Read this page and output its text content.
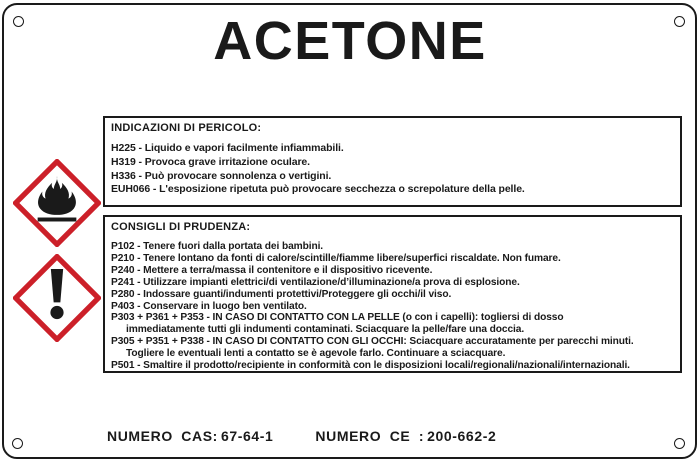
ACETONE
INDICAZIONI DI PERICOLO:
H225 - Liquido e vapori facilmente infiammabili.
H319 - Provoca grave irritazione oculare.
H336 - Può provocare sonnolenza o vertigini.
EUH066 - L'esposizione ripetuta può provocare secchezza o screpolature della pelle.
CONSIGLI DI PRUDENZA:
P102 - Tenere fuori dalla portata dei bambini.
P210 - Tenere lontano da fonti di calore/scintille/fiamme libere/superfici riscaldate. Non fumare.
P240 - Mettere a terra/massa il contenitore e il dispositivo ricevente.
P241 - Utilizzare impianti elettrici/di ventilazione/d’illuminazione/a prova di esplosione.
P280 - Indossare guanti/indumenti protettivi/Proteggere gli occhi/il viso.
P403 - Conservare in luogo ben ventilato.
P303 + P361 + P353 - IN CASO DI CONTATTO CON LA PELLE (o con i capelli): togliersi di dosso
immediatamente tutti gli indumenti contaminati. Sciacquare la pelle/fare una doccia.
P305 + P351 + P338 - IN CASO DI CONTATTO CON GLI OCCHI: Sciacquare accuratamente per parecchi minuti.
Togliere le eventuali lenti a contatto se è agevole farlo. Continuare a sciacquare.
P501 - Smaltire il prodotto/recipiente in conformità con le disposizioni locali/regionali/nazionali/internazionali.
NUMERO CAS: 67-64-1	NUMERO CE : 200-662-2
